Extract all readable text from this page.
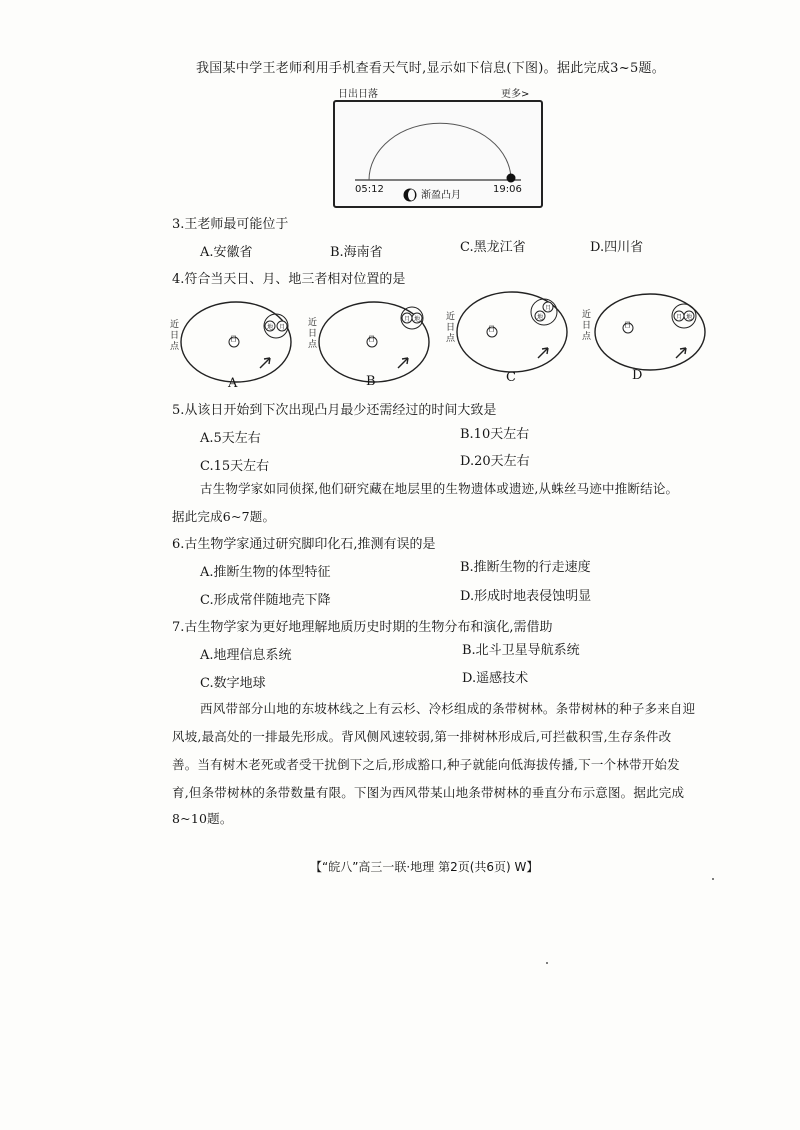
我国某中学王老师利用手机查看天气时,显示如下信息(下图)。据此完成3~5题。
日出日落	更多>
05:12	19:06
渐盈凸月
3.王老师最可能位于
A.安徽省	B.海南省	C.黑龙江省	D.四川省
4.符合当天日、月、地三者相对位置的是
近日点
日
地 月
A
近日点
日
月 地
B
近日点
日
地
月
C
近日点
日
月 地
D
5.从该日开始到下次出现凸月最少还需经过的时间大致是
A.5天左右	B.10天左右
C.15天左右	D.20天左右
古生物学家如同侦探,他们研究藏在地层里的生物遗体或遗迹,从蛛丝马迹中推断结论。
据此完成6~7题。
6.古生物学家通过研究脚印化石,推测有误的是
A.推断生物的体型特征	B.推断生物的行走速度
C.形成常伴随地壳下降	D.形成时地表侵蚀明显
7.古生物学家为更好地理解地质历史时期的生物分布和演化,需借助
A.地理信息系统	B.北斗卫星导航系统
C.数字地球	D.遥感技术
西风带部分山地的东坡林线之上有云杉、冷杉组成的条带树林。条带树林的种子多来自迎
风坡,最高处的一排最先形成。背风侧风速较弱,第一排树林形成后,可拦截积雪,生存条件改
善。当有树木老死或者受干扰倒下之后,形成豁口,种子就能向低海拔传播,下一个林带开始发
育,但条带树林的条带数量有限。下图为西风带某山地条带树林的垂直分布示意图。据此完成
8~10题。
【“皖八”高三一联·地理 第2页(共6页) W】
